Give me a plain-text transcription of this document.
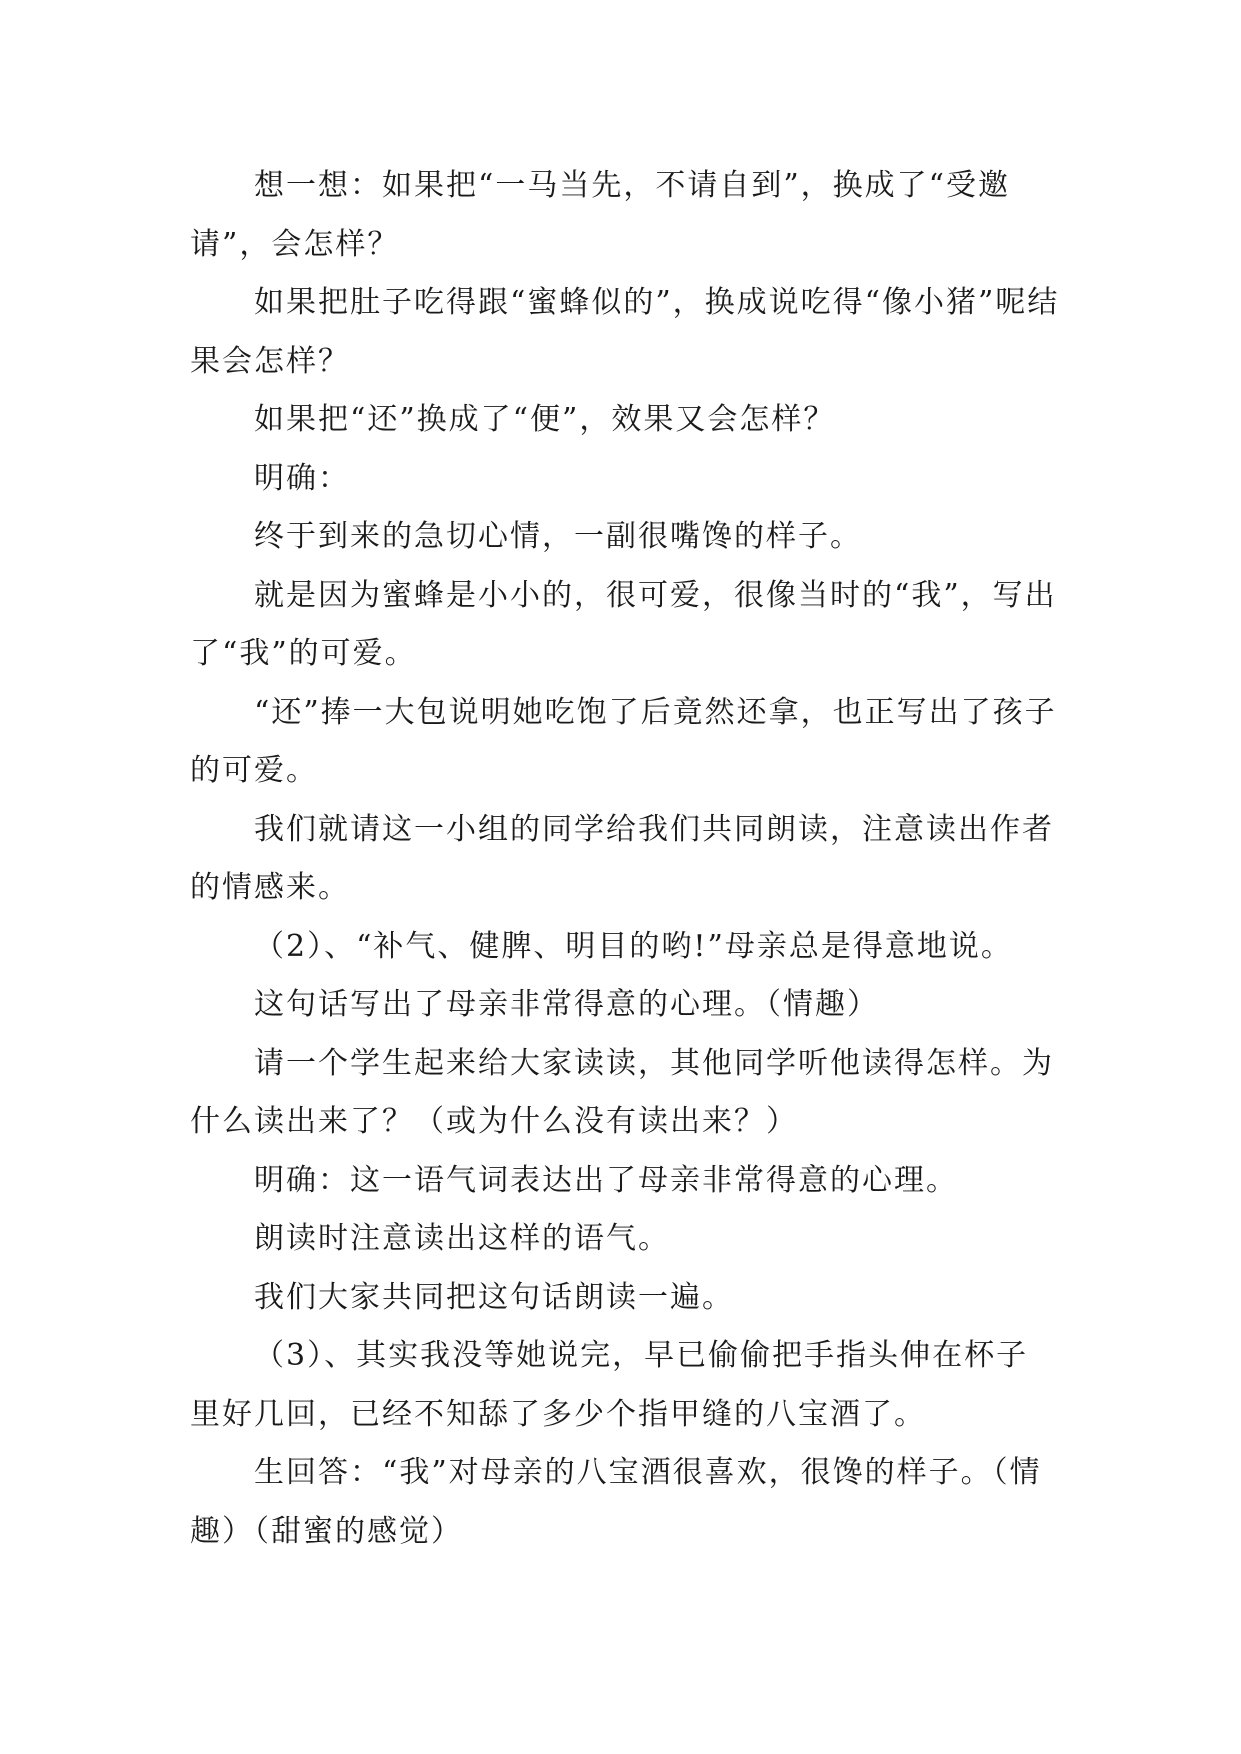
想一想：如果把“一马当先，不请自到”，换成了“受邀请”，会怎样？

如果把肚子吃得跟“蜜蜂似的”，换成说吃得“像小猪”呢结果会怎样？

如果把“还”换成了“便”，效果又会怎样？

明确：

终于到来的急切心情，一副很嘴馋的样子。

就是因为蜜蜂是小小的，很可爱，很像当时的“我”，写出了“我”的可爱。

“还”捧一大包说明她吃饱了后竟然还拿，也正写出了孩子的可爱。

我们就请这一小组的同学给我们共同朗读，注意读出作者的情感来。

（2）、“补气、健脾、明目的哟!”母亲总是得意地说。

这句话写出了母亲非常得意的心理。（情趣）

请一个学生起来给大家读读，其他同学听他读得怎样。为什么读出来了？（或为什么没有读出来？）

明确：这一语气词表达出了母亲非常得意的心理。

朗读时注意读出这样的语气。

我们大家共同把这句话朗读一遍。

（3）、其实我没等她说完，早已偷偷把手指头伸在杯子里好几回，已经不知舔了多少个指甲缝的八宝酒了。

生回答：“我”对母亲的八宝酒很喜欢，很馋的样子。（情趣）（甜蜜的感觉）
